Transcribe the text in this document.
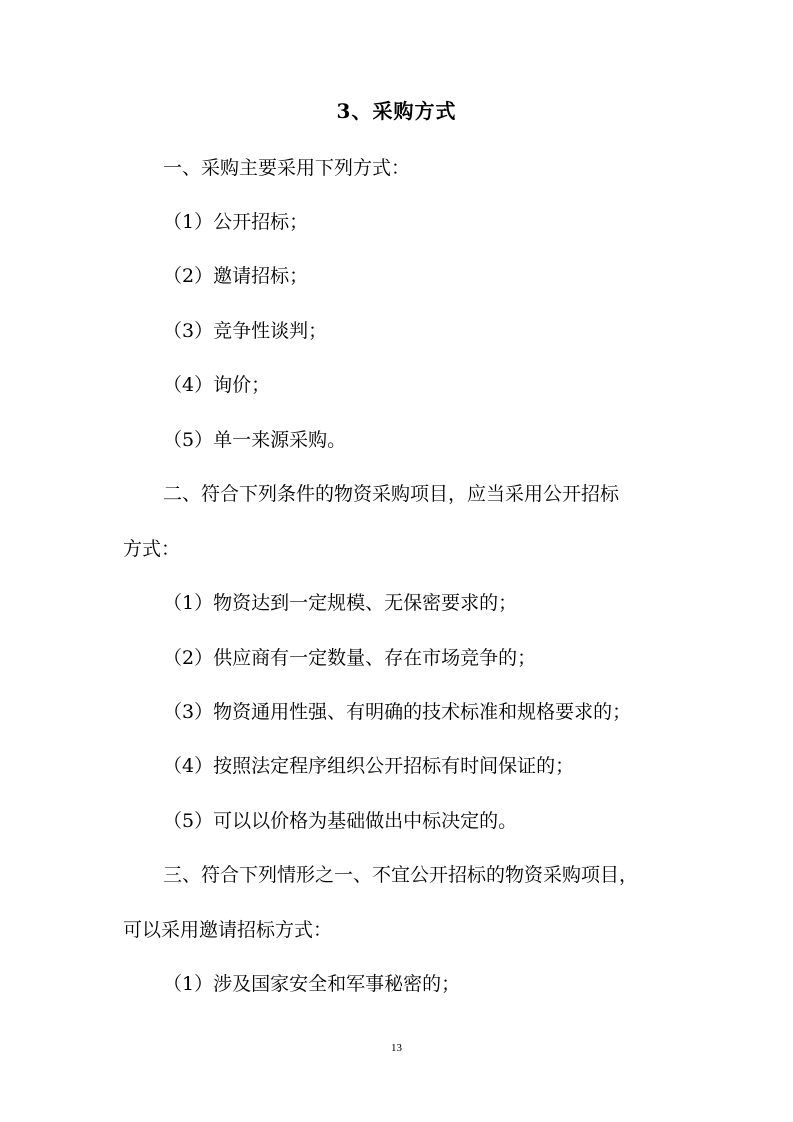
3、采购方式
一、采购主要采用下列方式：
（1）公开招标；
（2）邀请招标；
（3）竞争性谈判；
（4）询价；
（5）单一来源采购。
二、符合下列条件的物资采购项目，应当采用公开招标
方式：
（1）物资达到一定规模、无保密要求的；
（2）供应商有一定数量、存在市场竞争的；
（3）物资通用性强、有明确的技术标准和规格要求的；
（4）按照法定程序组织公开招标有时间保证的；
（5）可以以价格为基础做出中标决定的。
三、符合下列情形之一、不宜公开招标的物资采购项目，
可以采用邀请招标方式：
（1）涉及国家安全和军事秘密的；
13
